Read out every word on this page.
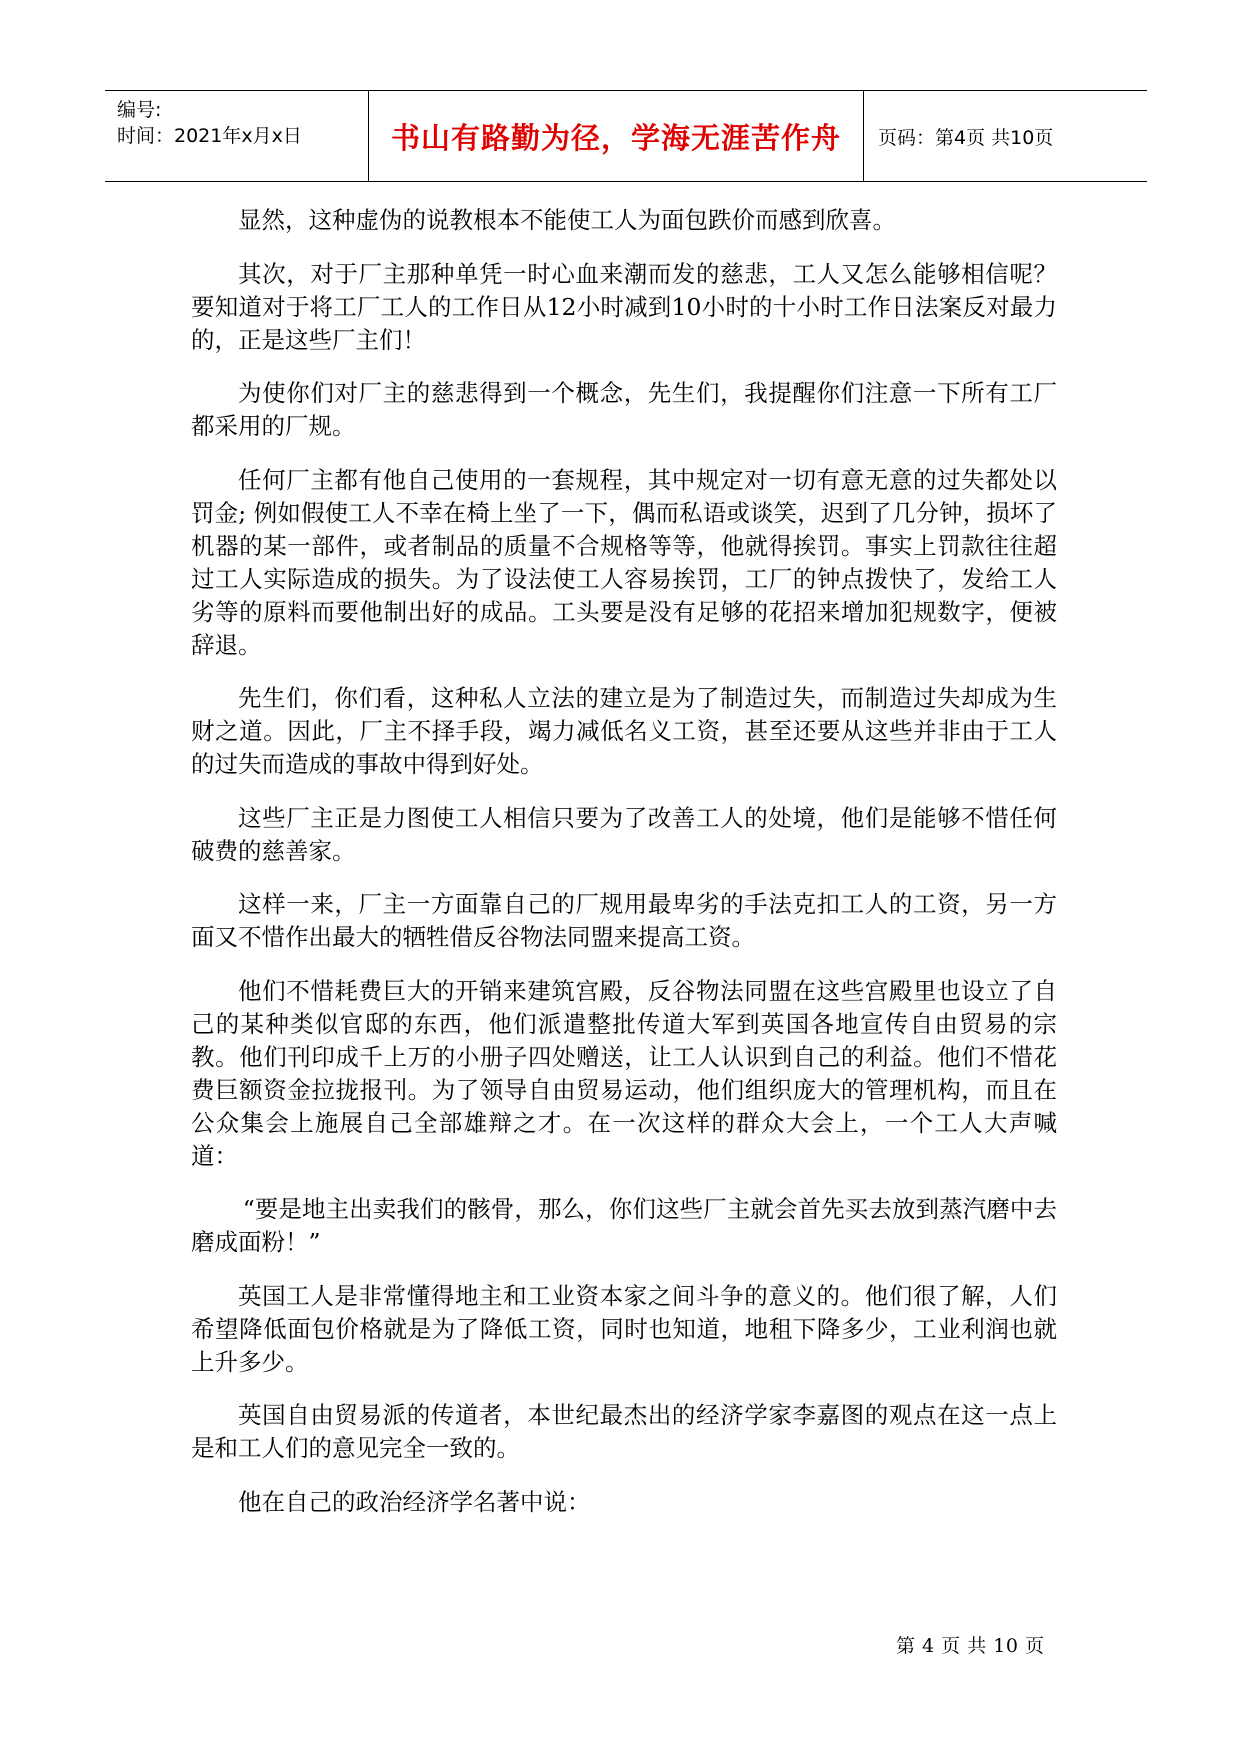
编号:
时间：2021年x月x日	书山有路勤为径，学海无涯苦作舟	页码：第4页 共10页

显然，这种虚伪的说教根本不能使工人为面包跌价而感到欣喜。

其次，对于厂主那种单凭一时心血来潮而发的慈悲，工人又怎么能够相信呢？要知道对于将工厂工人的工作日从12小时减到10小时的十小时工作日法案反对最力的，正是这些厂主们！

为使你们对厂主的慈悲得到一个概念，先生们，我提醒你们注意一下所有工厂都采用的厂规。

任何厂主都有他自己使用的一套规程，其中规定对一切有意无意的过失都处以罚金; 例如假使工人不幸在椅上坐了一下，偶而私语或谈笑，迟到了几分钟，损坏了机器的某一部件，或者制品的质量不合规格等等，他就得挨罚。事实上罚款往往超过工人实际造成的损失。为了设法使工人容易挨罚，工厂的钟点拨快了，发给工人劣等的原料而要他制出好的成品。工头要是没有足够的花招来增加犯规数字，便被辞退。

先生们，你们看，这种私人立法的建立是为了制造过失，而制造过失却成为生财之道。因此，厂主不择手段，竭力减低名义工资，甚至还要从这些并非由于工人的过失而造成的事故中得到好处。

这些厂主正是力图使工人相信只要为了改善工人的处境，他们是能够不惜任何破费的慈善家。

这样一来，厂主一方面靠自己的厂规用最卑劣的手法克扣工人的工资，另一方面又不惜作出最大的牺牲借反谷物法同盟来提高工资。

他们不惜耗费巨大的开销来建筑宫殿，反谷物法同盟在这些宫殿里也设立了自己的某种类似官邸的东西，他们派遣整批传道大军到英国各地宣传自由贸易的宗教。他们刊印成千上万的小册子四处赠送，让工人认识到自己的利益。他们不惜花费巨额资金拉拢报刊。为了领导自由贸易运动，他们组织庞大的管理机构，而且在公众集会上施展自己全部雄辩之才。在一次这样的群众大会上，一个工人大声喊道：

“要是地主出卖我们的骸骨，那么，你们这些厂主就会首先买去放到蒸汽磨中去磨成面粉！”

英国工人是非常懂得地主和工业资本家之间斗争的意义的。他们很了解，人们希望降低面包价格就是为了降低工资，同时也知道，地租下降多少，工业利润也就上升多少。

英国自由贸易派的传道者，本世纪最杰出的经济学家李嘉图的观点在这一点上是和工人们的意见完全一致的。

他在自己的政治经济学名著中说：

第 4 页 共 10 页
